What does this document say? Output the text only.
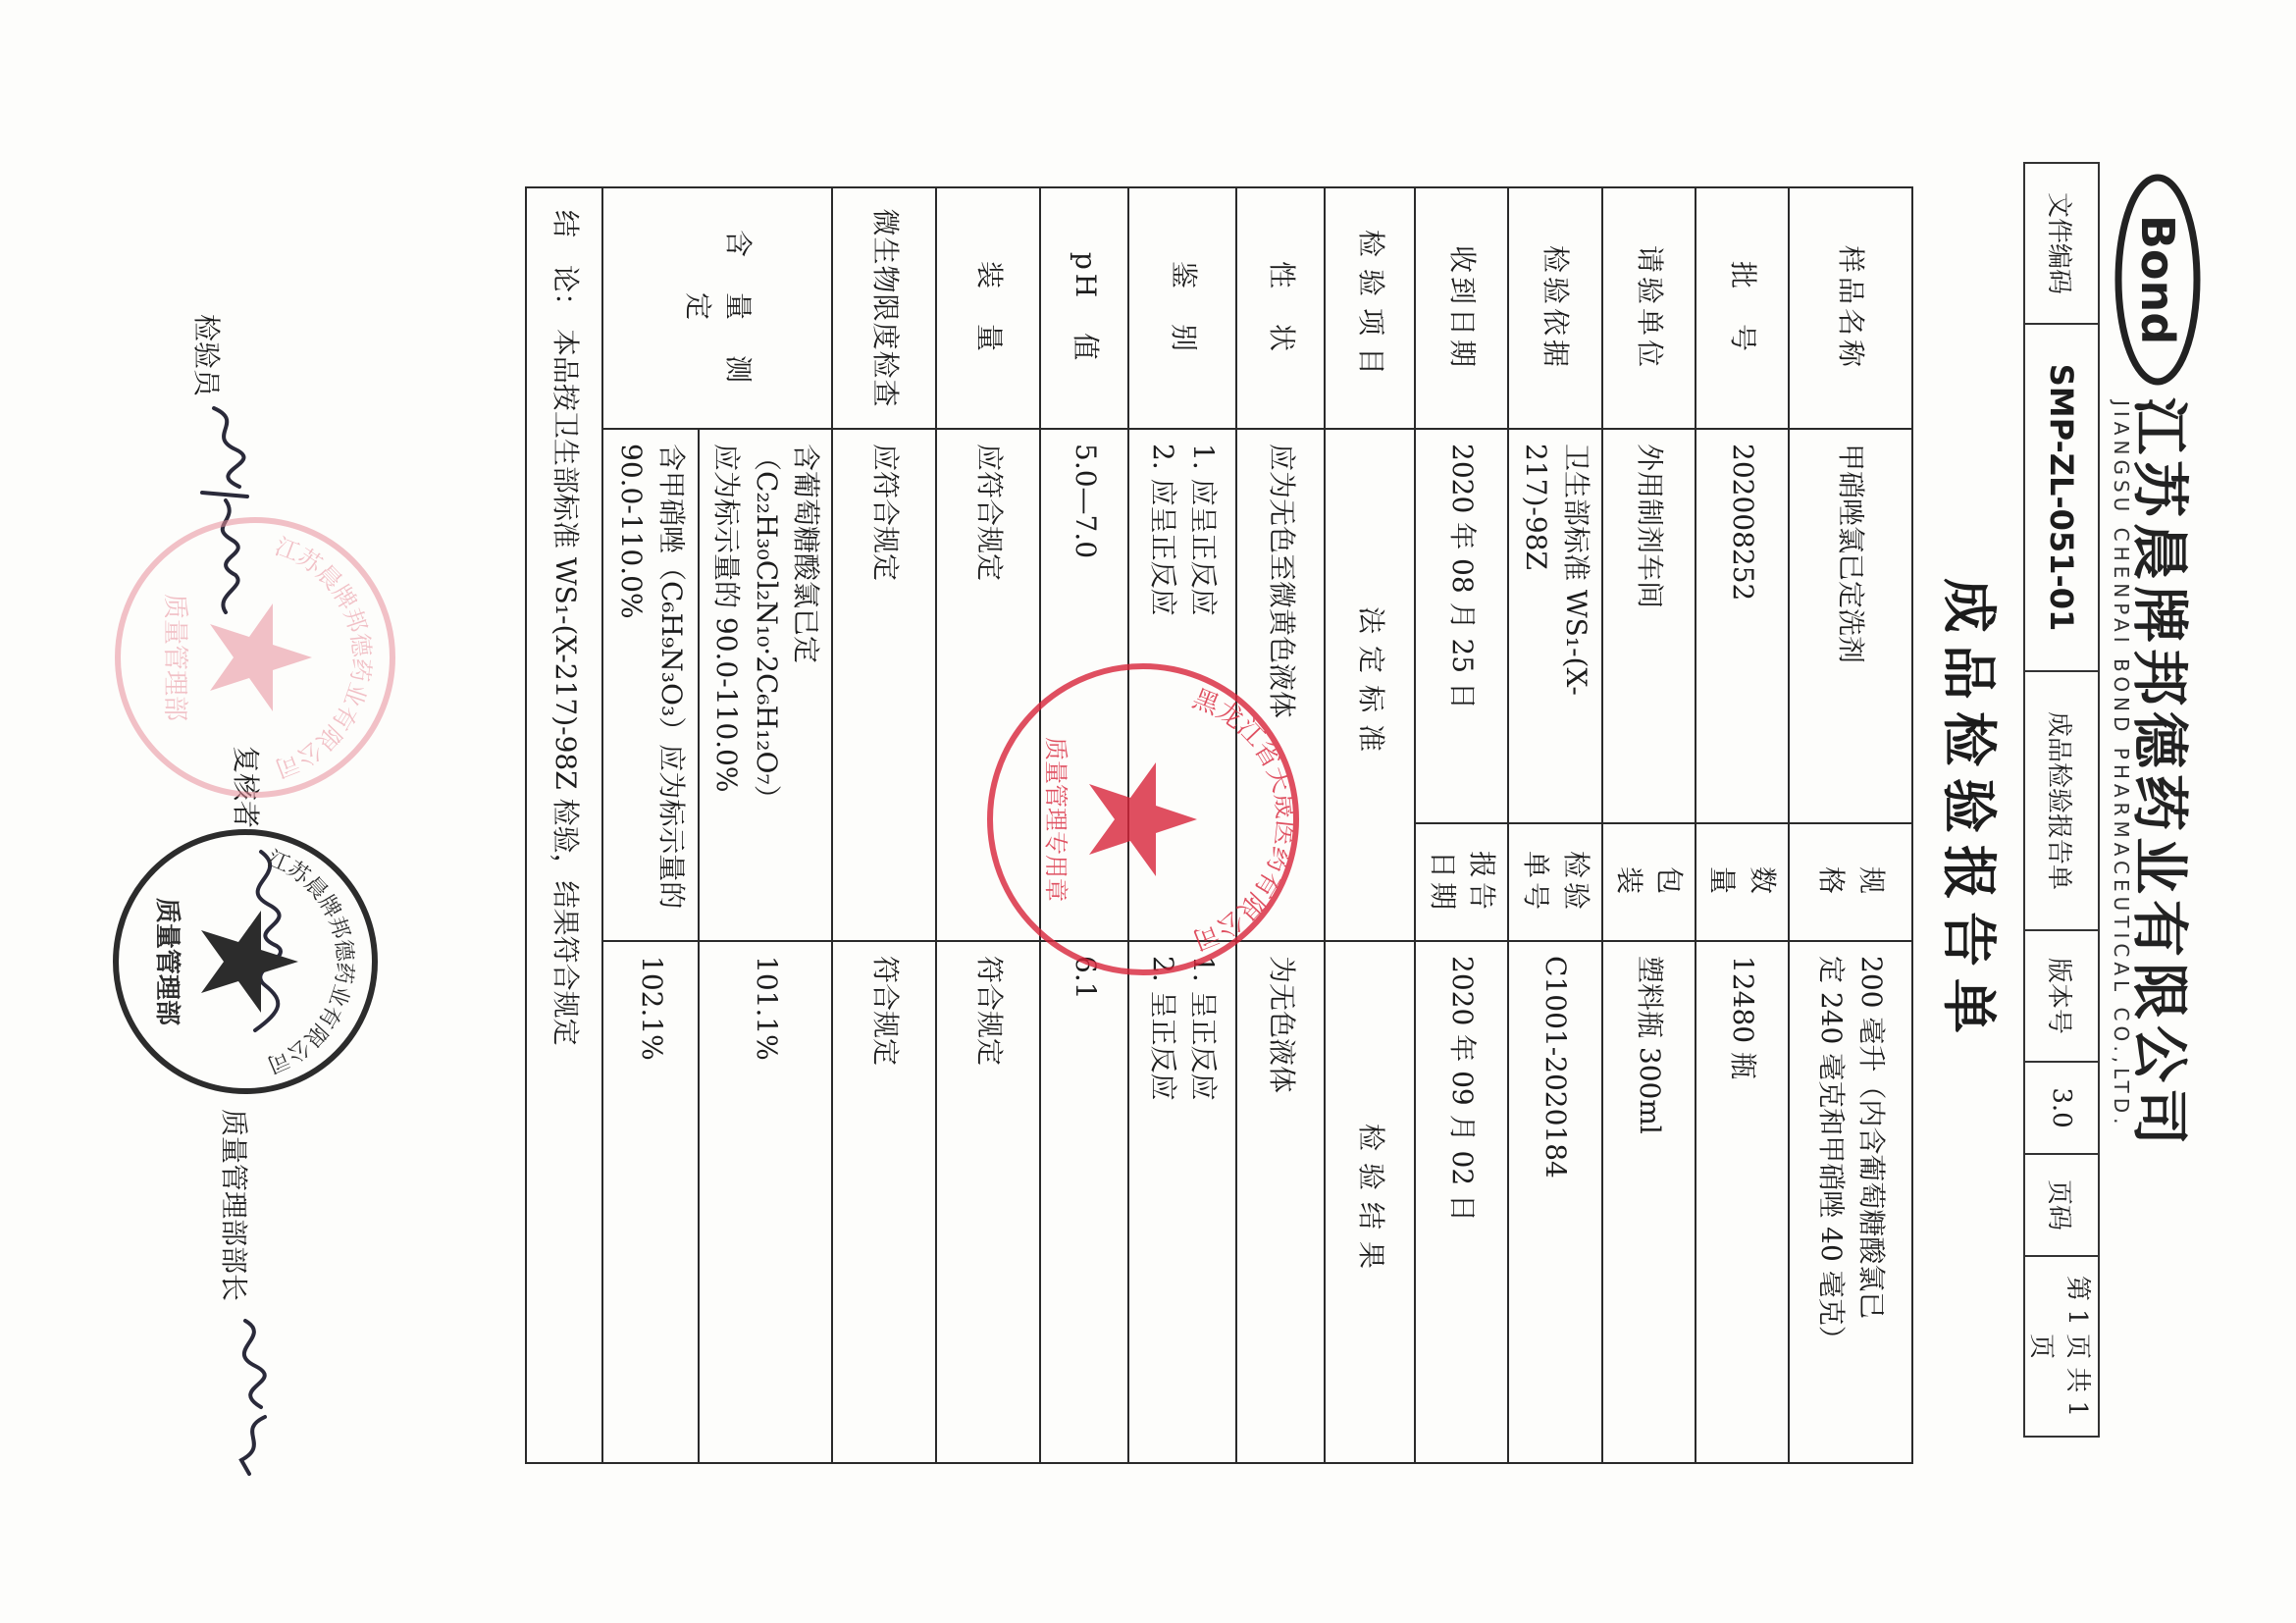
Bond
江苏晨牌邦德药业有限公司
JIANGSU CHENPAI BOND PHARMACEUTICAL CO.,LTD.
文件编码	SMP-ZL-051-01	成品检验报告单	版本号	3.0	页码	第 1 页 共 1 页
成品检验报告单
样品名称	甲硝唑氯已定洗剂	规　格	200 毫升（内含葡萄糖酸氯已
定 240 毫克和甲硝唑 40 毫克）

批　号	202008252	数　量	12480 瓶
请验单位	外用制剂车间	包　装	塑料瓶 300ml
检验依据	卫生部标准 WS₁-(X-217)-98Z	检验单号	C1001-2020184
收到日期	2020 年 08 月 25 日	报告日期	2020 年 09 月 02 日
检验项目	法定标准		检验结果
性　状	应为无色至微黄色液体		为无色液体
鉴　别	1. 应呈正反应
2. 应呈正反应		1. 呈正反应
2. 呈正反应

pH　值	5.0—7.0		6.1
装　量	应符合规定		符合规定
微生物限度检查	应符合规定		符合规定
含　量　测　定	含葡萄糖酸氯已定（C₂₂H₃₀Cl₂N₁₀·2C₆H₁₂O₇）
应为标示量的 90.0-110.0%		101.1%

	含甲硝唑（C₆H₉N₃O₃）应为标示量的
90.0-110.0%		102.1%
结　论： 本品按卫生部标准 WS₁-(X-217)-98Z 检验，结果符合规定			
检验员
复核者
质量管理部部长
江苏晨牌邦德药业有限公司
质量管理部	黑龙江省天晟医药有限公司
质量管理专用章
江苏晨牌邦德药业有限公司
质量管理部
